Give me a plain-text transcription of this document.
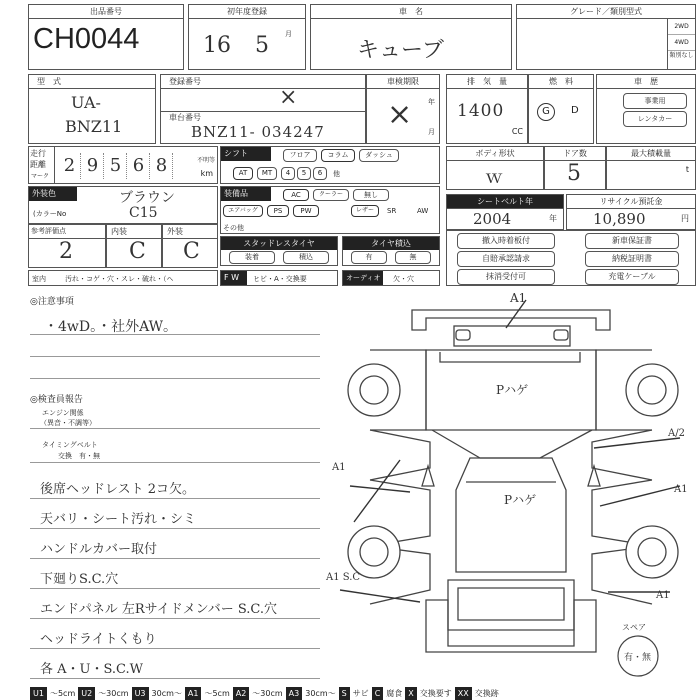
出品番号
CH0044
初年度登録
16 5 月
車　名
キューブ
グレード／類別型式
2WD
4WD
類別なし
型　式
UA-
BNZ11
登録番号
×
車台番号
BNZ11- 034247
車検期限
× 年
月
排　気　量
1400
CC
燃　料
G	D
車　歴
事業用
レンタカー
走行距離
マーク
2 9 5 6 8	不明等
km
シフト	フロア	コラム	ダッシュ
AT	MT	4	5	6	他
ボディ形状
ｗ
ドア数
5
最大積載量
t
外装色	ブラウン
(カラーNo	C15
装備品	AC	クーラー	無し
エアバッグ	PS	PW	レザー	SR	AW
その他
シートベルト年
2004	年
リサイクル預託金
10,890	円
参考評価点
2
内装
C
外装
C	スタッドレスタイヤ
装着	積込
タイヤ積込
有	無
撤入時着板付	新車保証書
自賠承認請求	納税証明書
抹消受付可	充電ケーブル
室内	汚れ・コゲ・穴・スレ・破れ・（ヘ	F W	ヒビ・A・交換要	オーディオ	欠・穴
◎注意事項
・4wD。・社外AW。
◎検査員報告
エンジン関係
（異音・不調等）
タイミングベルト
交換　有・無
後席ヘッドレスト 2コ欠。
天バリ・シート汚れ・シミ
ハンドルカバー取付
下廻りS.C.穴
エンドパネル 左Rサイドメンバー S.C.穴
ヘッドライトくもり
各 A・U・S.C.W
A1
Pハゲ
Pハゲ
A/2
A1
A1
A1 S.C
A1
スペア
有・無
U1 〜5cm U2 〜30cm U3 30cm〜 A1 〜5cm A2 〜30cm A3 30cm〜 S サビ C 腐食 X 交換要す XX 交換跡
